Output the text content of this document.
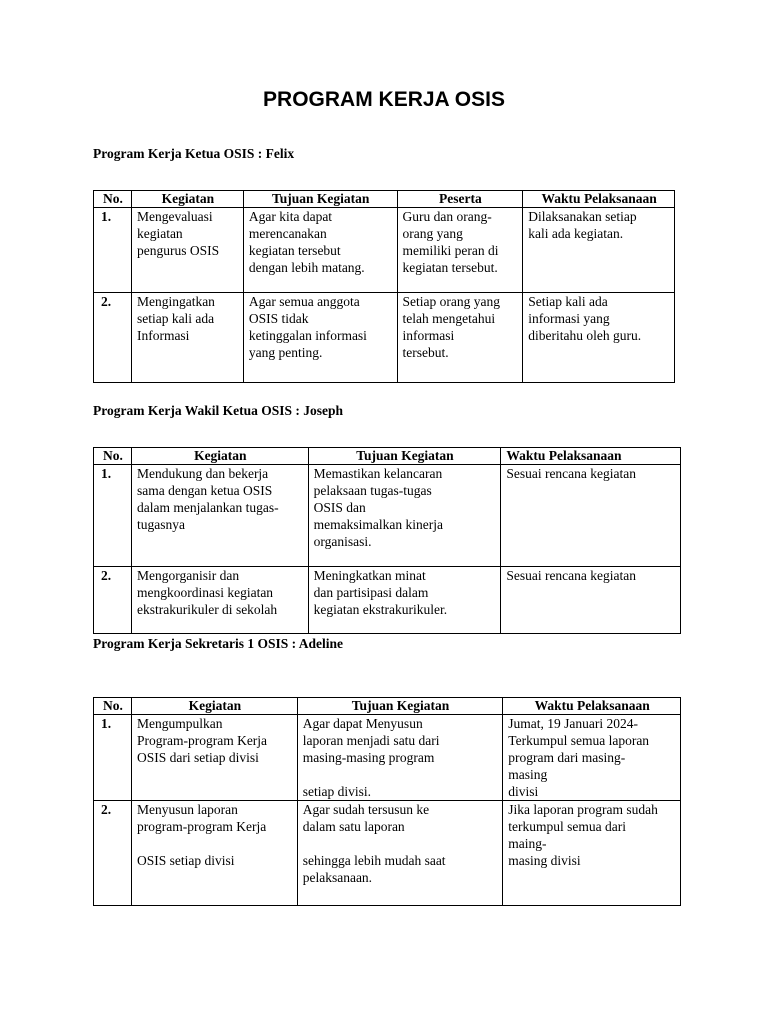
PROGRAM KERJA OSIS

Program Kerja Ketua OSIS : Felix

No.	Kegiatan	Tujuan Kegiatan	Peserta	Waktu Pelaksanaan
1.	Mengevaluasi
kegiatan
pengurus OSIS	Agar kita dapat
merencanakan
kegiatan tersebut
dengan lebih matang.	Guru dan orang-
orang yang
memiliki peran di
kegiatan tersebut.	Dilaksanakan setiap
kali ada kegiatan.

2.	Mengingatkan
setiap kali ada
Informasi	Agar semua anggota
OSIS tidak
ketinggalan informasi
yang penting.	Setiap orang yang
telah mengetahui
informasi
tersebut.	Setiap kali ada
informasi yang
diberitahu oleh guru.

Program Kerja Wakil Ketua OSIS : Joseph

No.	Kegiatan	Tujuan Kegiatan	Waktu Pelaksanaan
1.	Mendukung dan bekerja
sama dengan ketua OSIS
dalam menjalankan tugas-
tugasnya	Memastikan kelancaran
pelaksaan tugas-tugas
OSIS dan
memaksimalkan kinerja
organisasi.	Sesuai rencana kegiatan

2.	Mengorganisir dan
mengkoordinasi kegiatan
ekstrakurikuler di sekolah	Meningkatkan minat
dan partisipasi dalam
kegiatan ekstrakurikuler.	Sesuai rencana kegiatan

Program Kerja Sekretaris 1 OSIS : Adeline

No.	Kegiatan	Tujuan Kegiatan	Waktu Pelaksanaan
1.	Mengumpulkan
Program-program Kerja
OSIS dari setiap divisi	Agar dapat Menyusun
laporan menjadi satu dari
masing-masing program
setiap divisi.	Jumat, 19 Januari 2024-
Terkumpul semua laporan
program dari masing-
masing
divisi

2.	Menyusun laporan
program-program Kerja
OSIS setiap divisi	Agar sudah tersusun ke
dalam satu laporan
sehingga lebih mudah saat
pelaksanaan.	Jika laporan program sudah
terkumpul semua dari
maing-
masing divisi
